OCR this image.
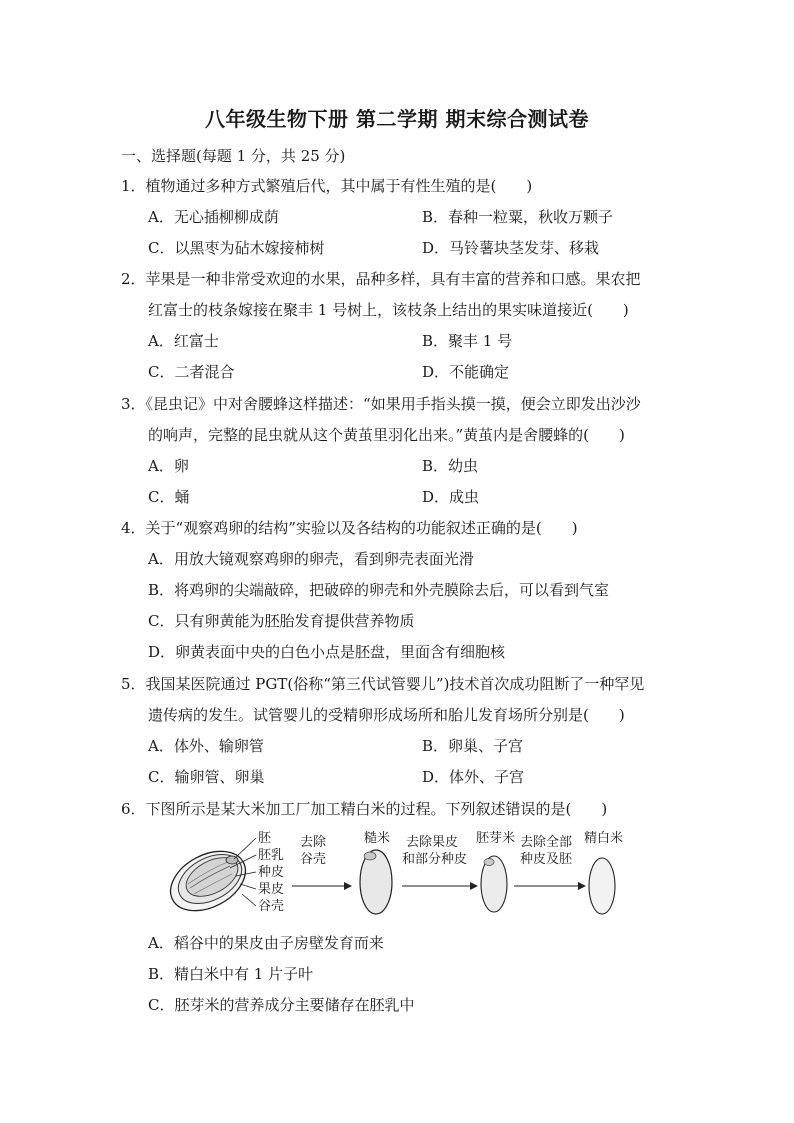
八年级生物下册 第二学期 期末综合测试卷
一、选择题(每题 1 分，共 25 分)
1．植物通过多种方式繁殖后代，其中属于有性生殖的是(　　)
A．无心插柳柳成荫	B．春种一粒粟，秋收万颗子
C．以黑枣为砧木嫁接柿树	D．马铃薯块茎发芽、移栽
2．苹果是一种非常受欢迎的水果，品种多样，具有丰富的营养和口感。果农把
红富士的枝条嫁接在聚丰 1 号树上，该枝条上结出的果实味道接近(　　)
A．红富士	B．聚丰 1 号
C．二者混合	D．不能确定
3．《昆虫记》中对舍腰蜂这样描述：“如果用手指头摸一摸，便会立即发出沙沙
的响声，完整的昆虫就从这个黄茧里羽化出来。”黄茧内是舍腰蜂的(　　)
A．卵	B．幼虫
C．蛹	D．成虫
4．关于“观察鸡卵的结构”实验以及各结构的功能叙述正确的是(　　)
A．用放大镜观察鸡卵的卵壳，看到卵壳表面光滑
B．将鸡卵的尖端敲碎，把破碎的卵壳和外壳膜除去后，可以看到气室
C．只有卵黄能为胚胎发育提供营养物质
D．卵黄表面中央的白色小点是胚盘，里面含有细胞核
5．我国某医院通过 PGT(俗称“第三代试管婴儿”)技术首次成功阻断了一种罕见
遗传病的发生。试管婴儿的受精卵形成场所和胎儿发育场所分别是(　　)
A．体外、输卵管	B．卵巢、子宫
C．输卵管、卵巢	D．体外、子宫
6．下图所示是某大米加工厂加工精白米的过程。下列叙述错误的是(　　)
胚
胚乳
种皮
果皮
谷壳
去除
谷壳
糙米 去除果皮
和部分种皮
胚芽米 去除全部
种皮及胚
精白米
A．稻谷中的果皮由子房壁发育而来
B．精白米中有 1 片子叶
C．胚芽米的营养成分主要储存在胚乳中
